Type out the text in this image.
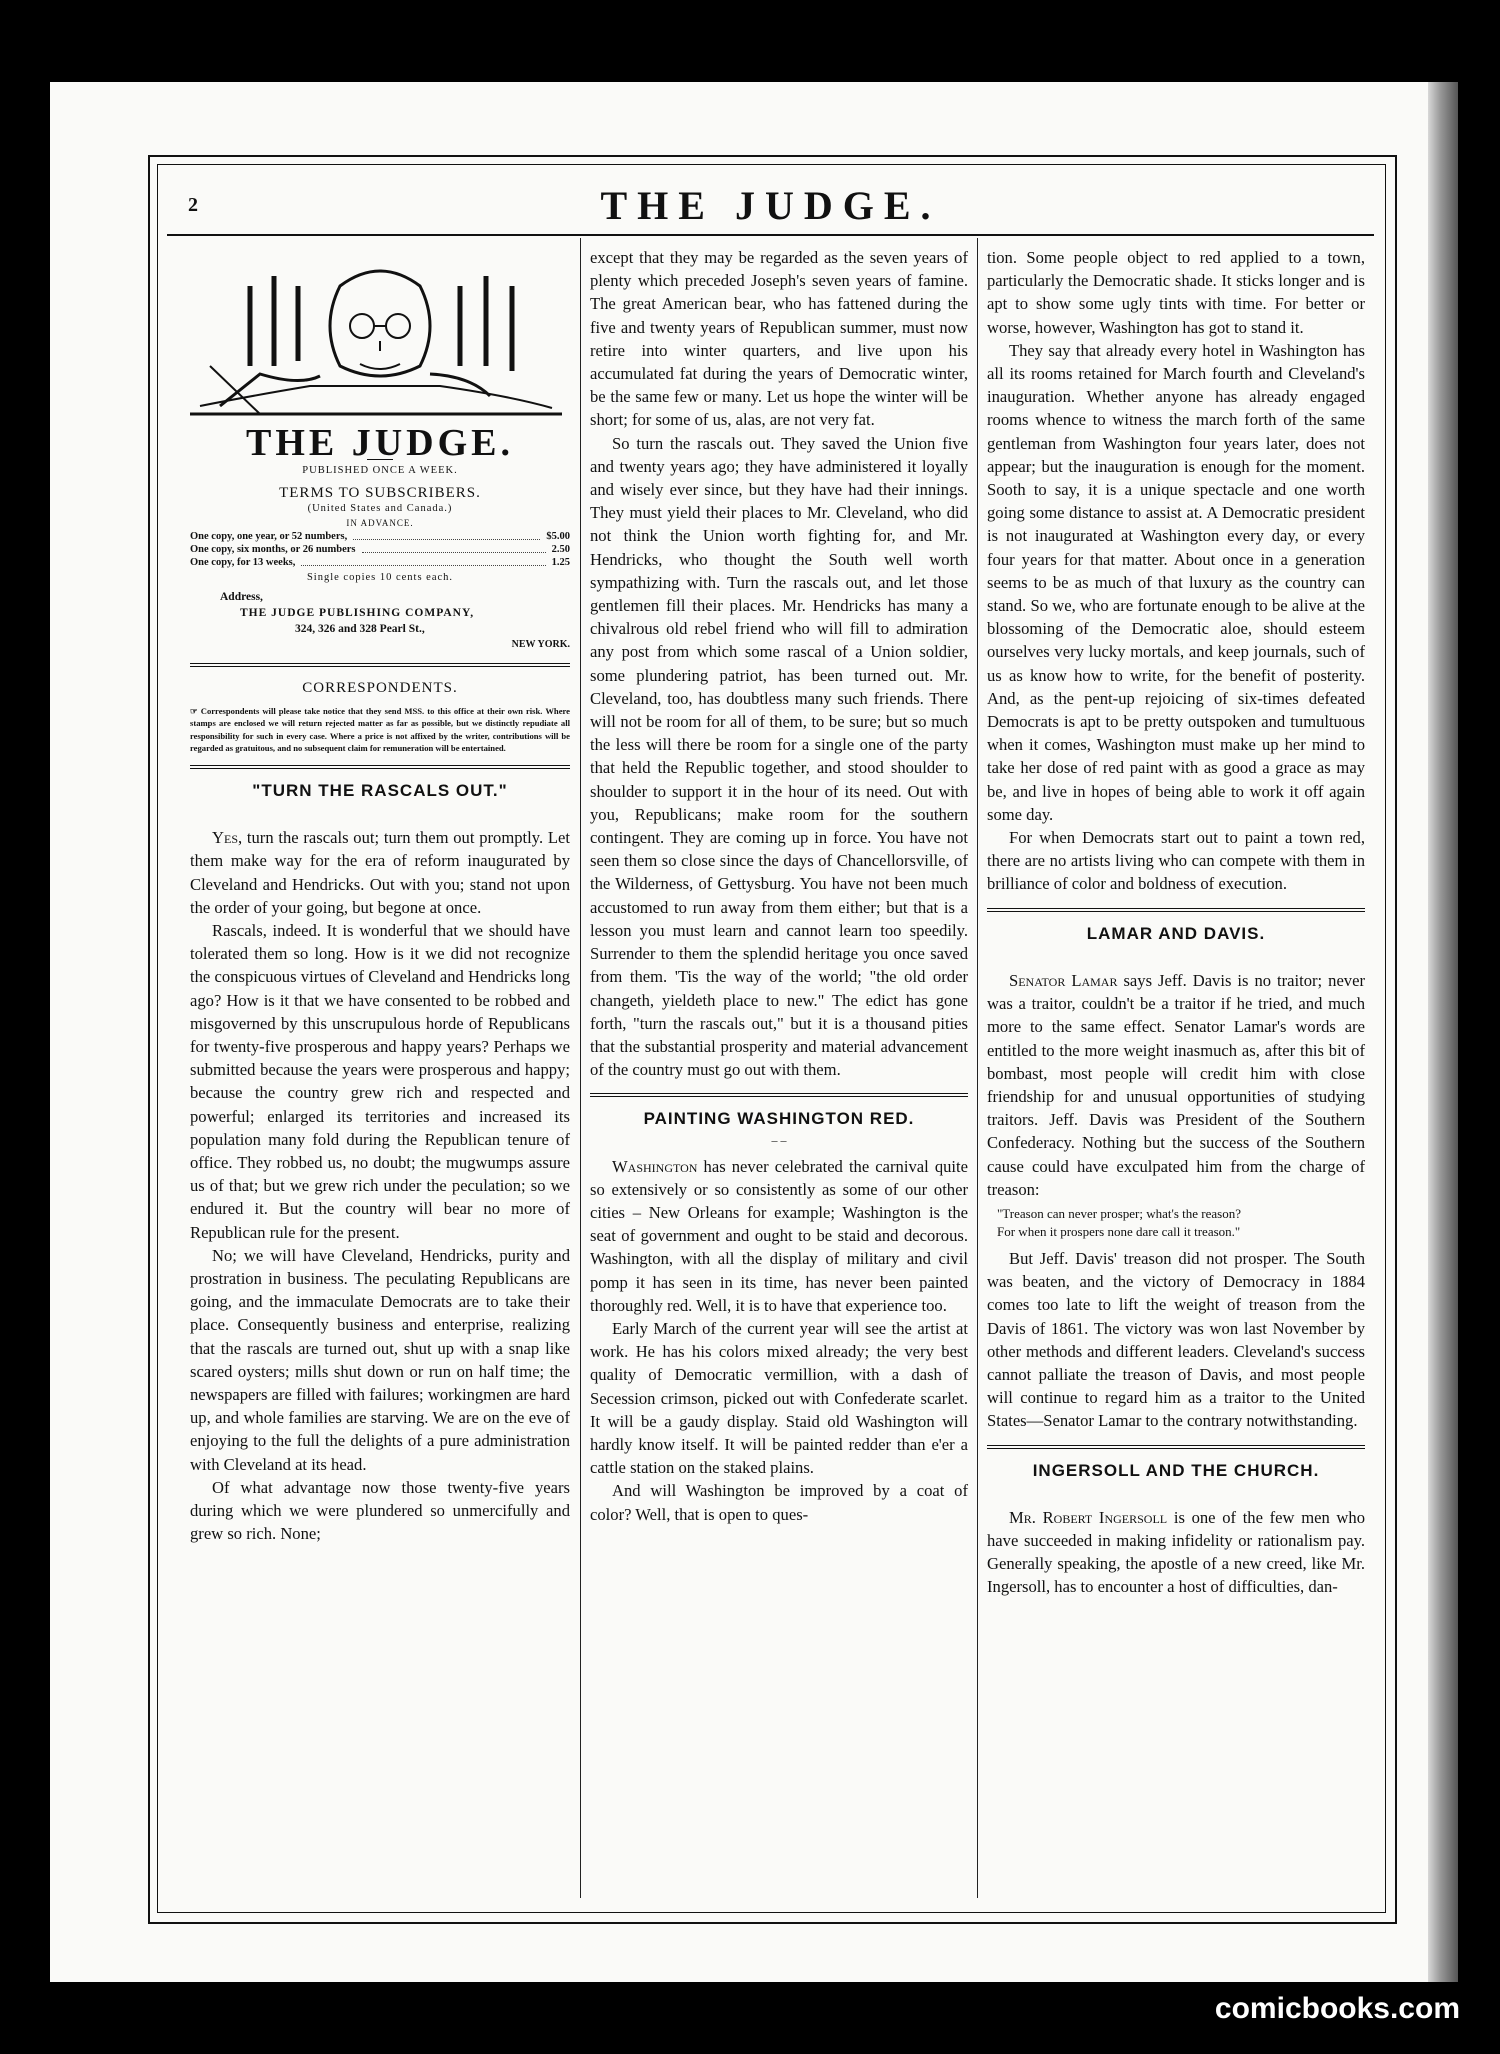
2	THE JUDGE.
THE JUDGE.
PUBLISHED ONCE A WEEK.
TERMS TO SUBSCRIBERS.
(United States and Canada.)
IN ADVANCE.
One copy, one year, or 52 numbers,	$5.00
One copy, six months, or 26 numbers	2.50
One copy, for 13 weeks,	1.25
Single copies 10 cents each.
Address,
THE JUDGE PUBLISHING COMPANY,
324, 326 and 328 Pearl St.,
NEW YORK.
CORRESPONDENTS.
☞ Correspondents will please take notice that they send MSS. to this office at their own risk. Where stamps are enclosed we will return rejected matter as far as possible, but we distinctly repudiate all responsibility for such in every case. Where a price is not affixed by the writer, contributions will be regarded as gratuitous, and no subsequent claim for remuneration will be entertained.
"TURN THE RASCALS OUT."

Yes, turn the rascals out; turn them out promptly. Let them make way for the era of reform inaugurated by Cleveland and Hendricks. Out with you; stand not upon the order of your going, but begone at once.

Rascals, indeed. It is wonderful that we should have tolerated them so long. How is it we did not recognize the conspicuous virtues of Cleveland and Hendricks long ago? How is it that we have consented to be robbed and misgoverned by this unscrupulous horde of Republicans for twenty-five prosperous and happy years? Perhaps we submitted because the years were prosperous and happy; because the country grew rich and respected and powerful; enlarged its territories and increased its population many fold during the Republican tenure of office. They robbed us, no doubt; the mugwumps assure us of that; but we grew rich under the peculation; so we endured it. But the country will bear no more of Republican rule for the present.

No; we will have Cleveland, Hendricks, purity and prostration in business. The peculating Republicans are going, and the immaculate Democrats are to take their place. Consequently business and enterprise, realizing that the rascals are turned out, shut up with a snap like scared oysters; mills shut down or run on half time; the newspapers are filled with failures; workingmen are hard up, and whole families are starving. We are on the eve of enjoying to the full the delights of a pure administration with Cleveland at its head.

Of what advantage now those twenty-five years during which we were plundered so unmercifully and grew so rich. None;

except that they may be regarded as the seven years of plenty which preceded Joseph's seven years of famine. The great American bear, who has fattened during the five and twenty years of Republican summer, must now retire into winter quarters, and live upon his accumulated fat during the years of Democratic winter, be the same few or many. Let us hope the winter will be short; for some of us, alas, are not very fat.

So turn the rascals out. They saved the Union five and twenty years ago; they have administered it loyally and wisely ever since, but they have had their innings. They must yield their places to Mr. Cleveland, who did not think the Union worth fighting for, and Mr. Hendricks, who thought the South well worth sympathizing with. Turn the rascals out, and let those gentlemen fill their places. Mr. Hendricks has many a chivalrous old rebel friend who will fill to admiration any post from which some rascal of a Union soldier, some plundering patriot, has been turned out. Mr. Cleveland, too, has doubtless many such friends. There will not be room for all of them, to be sure; but so much the less will there be room for a single one of the party that held the Republic together, and stood shoulder to shoulder to support it in the hour of its need. Out with you, Republicans; make room for the southern contingent. They are coming up in force. You have not seen them so close since the days of Chancellorsville, of the Wilderness, of Gettysburg. You have not been much accustomed to run away from them either; but that is a lesson you must learn and cannot learn too speedily. Surrender to them the splendid heritage you once saved from them. 'Tis the way of the world; "the old order changeth, yieldeth place to new." The edict has gone forth, "turn the rascals out," but it is a thousand pities that the substantial prosperity and material advancement of the country must go out with them.

PAINTING WASHINGTON RED.
– –

Washington has never celebrated the carnival quite so extensively or so consistently as some of our other cities – New Orleans for example; Washington is the seat of government and ought to be staid and decorous. Washington, with all the display of military and civil pomp it has seen in its time, has never been painted thoroughly red. Well, it is to have that experience too.

Early March of the current year will see the artist at work. He has his colors mixed already; the very best quality of Democratic vermillion, with a dash of Secession crimson, picked out with Confederate scarlet. It will be a gaudy display. Staid old Washington will hardly know itself. It will be painted redder than e'er a cattle station on the staked plains.

And will Washington be improved by a coat of color? Well, that is open to ques-

tion. Some people object to red applied to a town, particularly the Democratic shade. It sticks longer and is apt to show some ugly tints with time. For better or worse, however, Washington has got to stand it.

They say that already every hotel in Washington has all its rooms retained for March fourth and Cleveland's inauguration. Whether anyone has already engaged rooms whence to witness the march forth of the same gentleman from Washington four years later, does not appear; but the inauguration is enough for the moment. Sooth to say, it is a unique spectacle and one worth going some distance to assist at. A Democratic president is not inaugurated at Washington every day, or every four years for that matter. About once in a generation seems to be as much of that luxury as the country can stand. So we, who are fortunate enough to be alive at the blossoming of the Democratic aloe, should esteem ourselves very lucky mortals, and keep journals, such of us as know how to write, for the benefit of posterity. And, as the pent-up rejoicing of six-times defeated Democrats is apt to be pretty outspoken and tumultuous when it comes, Washington must make up her mind to take her dose of red paint with as good a grace as may be, and live in hopes of being able to work it off again some day.

For when Democrats start out to paint a town red, there are no artists living who can compete with them in brilliance of color and boldness of execution.

LAMAR AND DAVIS.

Senator Lamar says Jeff. Davis is no traitor; never was a traitor, couldn't be a traitor if he tried, and much more to the same effect. Senator Lamar's words are entitled to the more weight inasmuch as, after this bit of bombast, most people will credit him with close friendship for and unusual opportunities of studying traitors. Jeff. Davis was President of the Southern Confederacy. Nothing but the success of the Southern cause could have exculpated him from the charge of treason:

"Treason can never prosper; what's the reason?
For when it prospers none dare call it treason."

But Jeff. Davis' treason did not prosper. The South was beaten, and the victory of Democracy in 1884 comes too late to lift the weight of treason from the Davis of 1861. The victory was won last November by other methods and different leaders. Cleveland's success cannot palliate the treason of Davis, and most people will continue to regard him as a traitor to the United States—Senator Lamar to the contrary notwithstanding.

INGERSOLL AND THE CHURCH.

Mr. Robert Ingersoll is one of the few men who have succeeded in making infidelity or rationalism pay. Generally speaking, the apostle of a new creed, like Mr. Ingersoll, has to encounter a host of difficulties, dan-

comicbooks.com
